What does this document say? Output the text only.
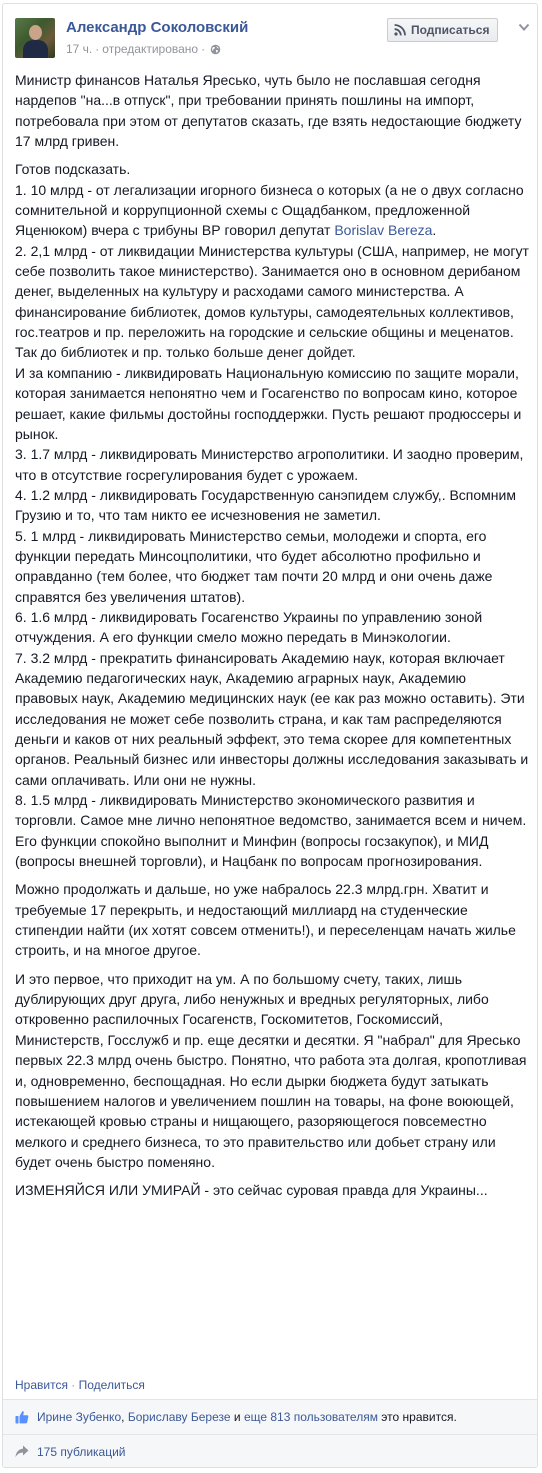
Александр Соколовский
17 ч. · отредактировано ·
Подписаться

Министр финансов Наталья Яресько, чуть было не пославшая сегодня нардепов "на...в отпуск", при требовании принять пошлины на импорт, потребовала при этом от депутатов сказать, где взять недостающие бюджету 17 млрд гривен.

Готов подсказать.
1. 10 млрд - от легализации игорного бизнеса о которых (а не о двух согласно сомнительной и коррупционной схемы с Ощадбанком, предложенной Яценюком) вчера с трибуны ВР говорил депутат Borislav Bereza.
2. 2,1 млрд - от ликвидации Министерства культуры (США, например, не могут себе позволить такое министерство). Занимается оно в основном дерибаном денег, выделенных на культуру и расходами самого министерства. А финансирование библиотек, домов культуры, самодеятельных коллективов, гос.театров и пр. переложить на городские и сельские общины и меценатов. Так до библиотек и пр. только больше денег дойдет.
И за компанию - ликвидировать Национальную комиссию по защите морали, которая занимается непонятно чем и Госагенство по вопросам кино, которое решает, какие фильмы достойны господдержки. Пусть решают продюссеры и рынок.
3. 1.7 млрд - ликвидировать Министерство агрополитики. И заодно проверим, что в отсутствие госрегулирования будет с урожаем.
4. 1.2 млрд - ликвидировать Государственную санэпидем службу,. Вспомним Грузию и то, что там никто ее исчезновения не заметил.
5. 1 млрд - ликвидировать Министерство семьи, молодежи и спорта, его функции передать Минсоцполитики, что будет абсолютно профильно и оправданно (тем более, что бюджет там почти 20 млрд и они очень даже справятся без увеличения штатов).
6. 1.6 млрд - ликвидировать Госагенство Украины по управлению зоной отчуждения. А его функции смело можно передать в Минэкологии.
7. 3.2 млрд - прекратить финансировать Академию наук, которая включает Академию педагогических наук, Академию аграрных наук, Академию правовых наук, Академию медицинских наук (ее как раз можно оставить). Эти исследования не может себе позволить страна, и как там распределяются деньги и каков от них реальный эффект, это тема скорее для компетентных органов. Реальный бизнес или инвесторы должны исследования заказывать и сами оплачивать. Или они не нужны.
8. 1.5 млрд - ликвидировать Министерство экономического развития и торговли. Самое мне лично непонятное ведомство, занимается всем и ничем. Его функции спокойно выполнит и Минфин (вопросы госзакупок), и МИД (вопросы внешней торговли), и Нацбанк по вопросам прогнозирования.

Можно продолжать и дальше, но уже набралось 22.3 млрд.грн. Хватит и требуемые 17 перекрыть, и недостающий миллиард на студенческие стипендии найти (их хотят совсем отменить!), и переселенцам начать жилье строить, и на многое другое.

И это первое, что приходит на ум. А по большому счету, таких, лишь дублирующих друг друга, либо ненужных и вредных регуляторных, либо откровенно распилочных Госагенств, Госкомитетов, Госкомиссий, Министерств, Госслужб и пр. еще десятки и десятки. Я "набрал" для Яресько первых 22.3 млрд очень быстро. Понятно, что работа эта долгая, кропотливая и, одновременно, беспощадная. Но если дырки бюджета будут затыкать повышением налогов и увеличением пошлин на товары, на фоне воюющей, истекающей кровью страны и нищающего, разоряющегося повсеместно мелкого и среднего бизнеса, то это правительство или добьет страну или будет очень быстро поменяно.

ИЗМЕНЯЙСЯ ИЛИ УМИРАЙ - это сейчас суровая правда для Украины...

Нравится · Поделиться
Ирине Зубенко, Бориславу Березе и еще 813 пользователям это нравится.
175 публикаций
